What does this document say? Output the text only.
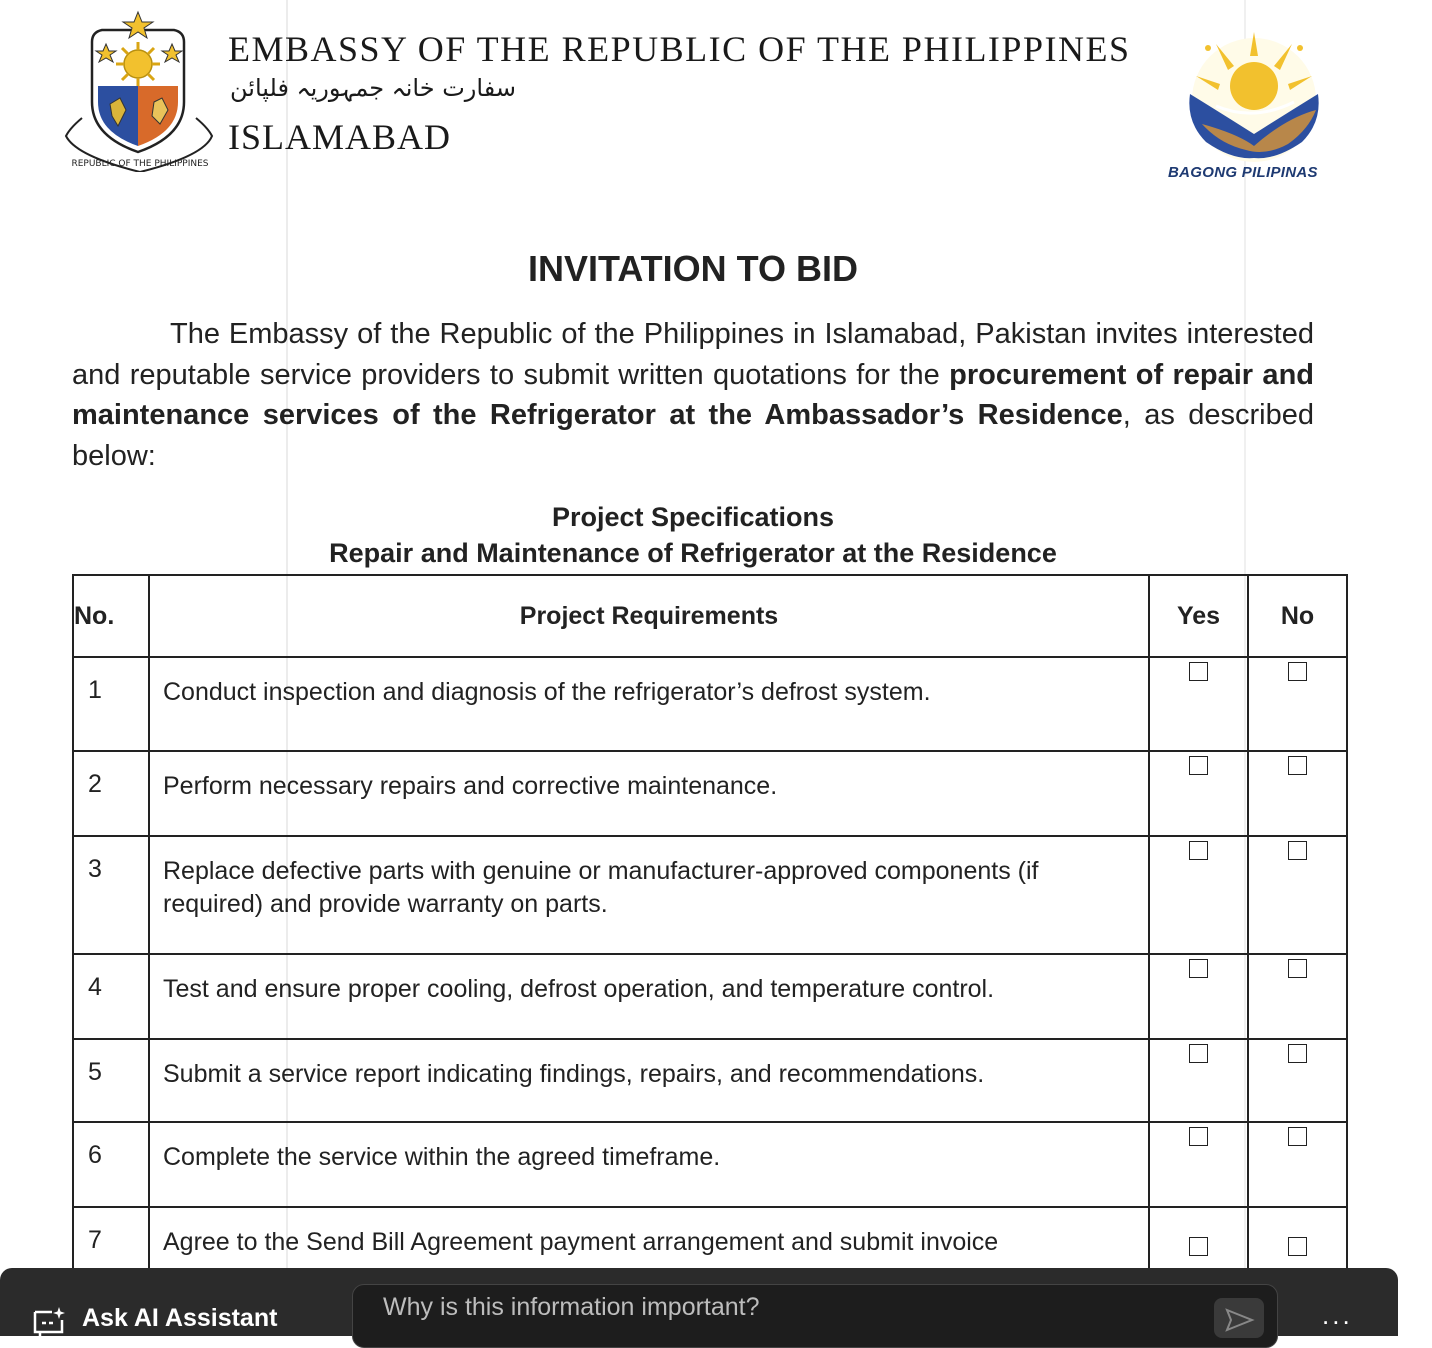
REPUBLIC OF THE PHILIPPINES
EMBASSY OF THE REPUBLIC OF THE PHILIPPINES
سفارت خانہ جمہوریہ فلپائن
ISLAMABAD
BAGONG PILIPINAS
INVITATION TO BID
The Embassy of the Republic of the Philippines in Islamabad, Pakistan invites interested and reputable service providers to submit written quotations for the procurement of repair and maintenance services of the Refrigerator at the Ambassador’s Residence, as described below:
Project Specifications
Repair and Maintenance of Refrigerator at the Residence
No.	Project Requirements	Yes	No
1	Conduct inspection and diagnosis of the refrigerator’s defrost system.		
2	Perform necessary repairs and corrective maintenance.		
3	Replace defective parts with genuine or manufacturer-approved components (if required) and provide warranty on parts.		
4	Test and ensure proper cooling, defrost operation, and temperature control.		
5	Submit a service report indicating findings, repairs, and recommendations.		
6	Complete the service within the agreed timeframe.		
7	Agree to the Send Bill Agreement payment arrangement and submit invoice		
Ask AI Assistant
Why is this information important?	...
